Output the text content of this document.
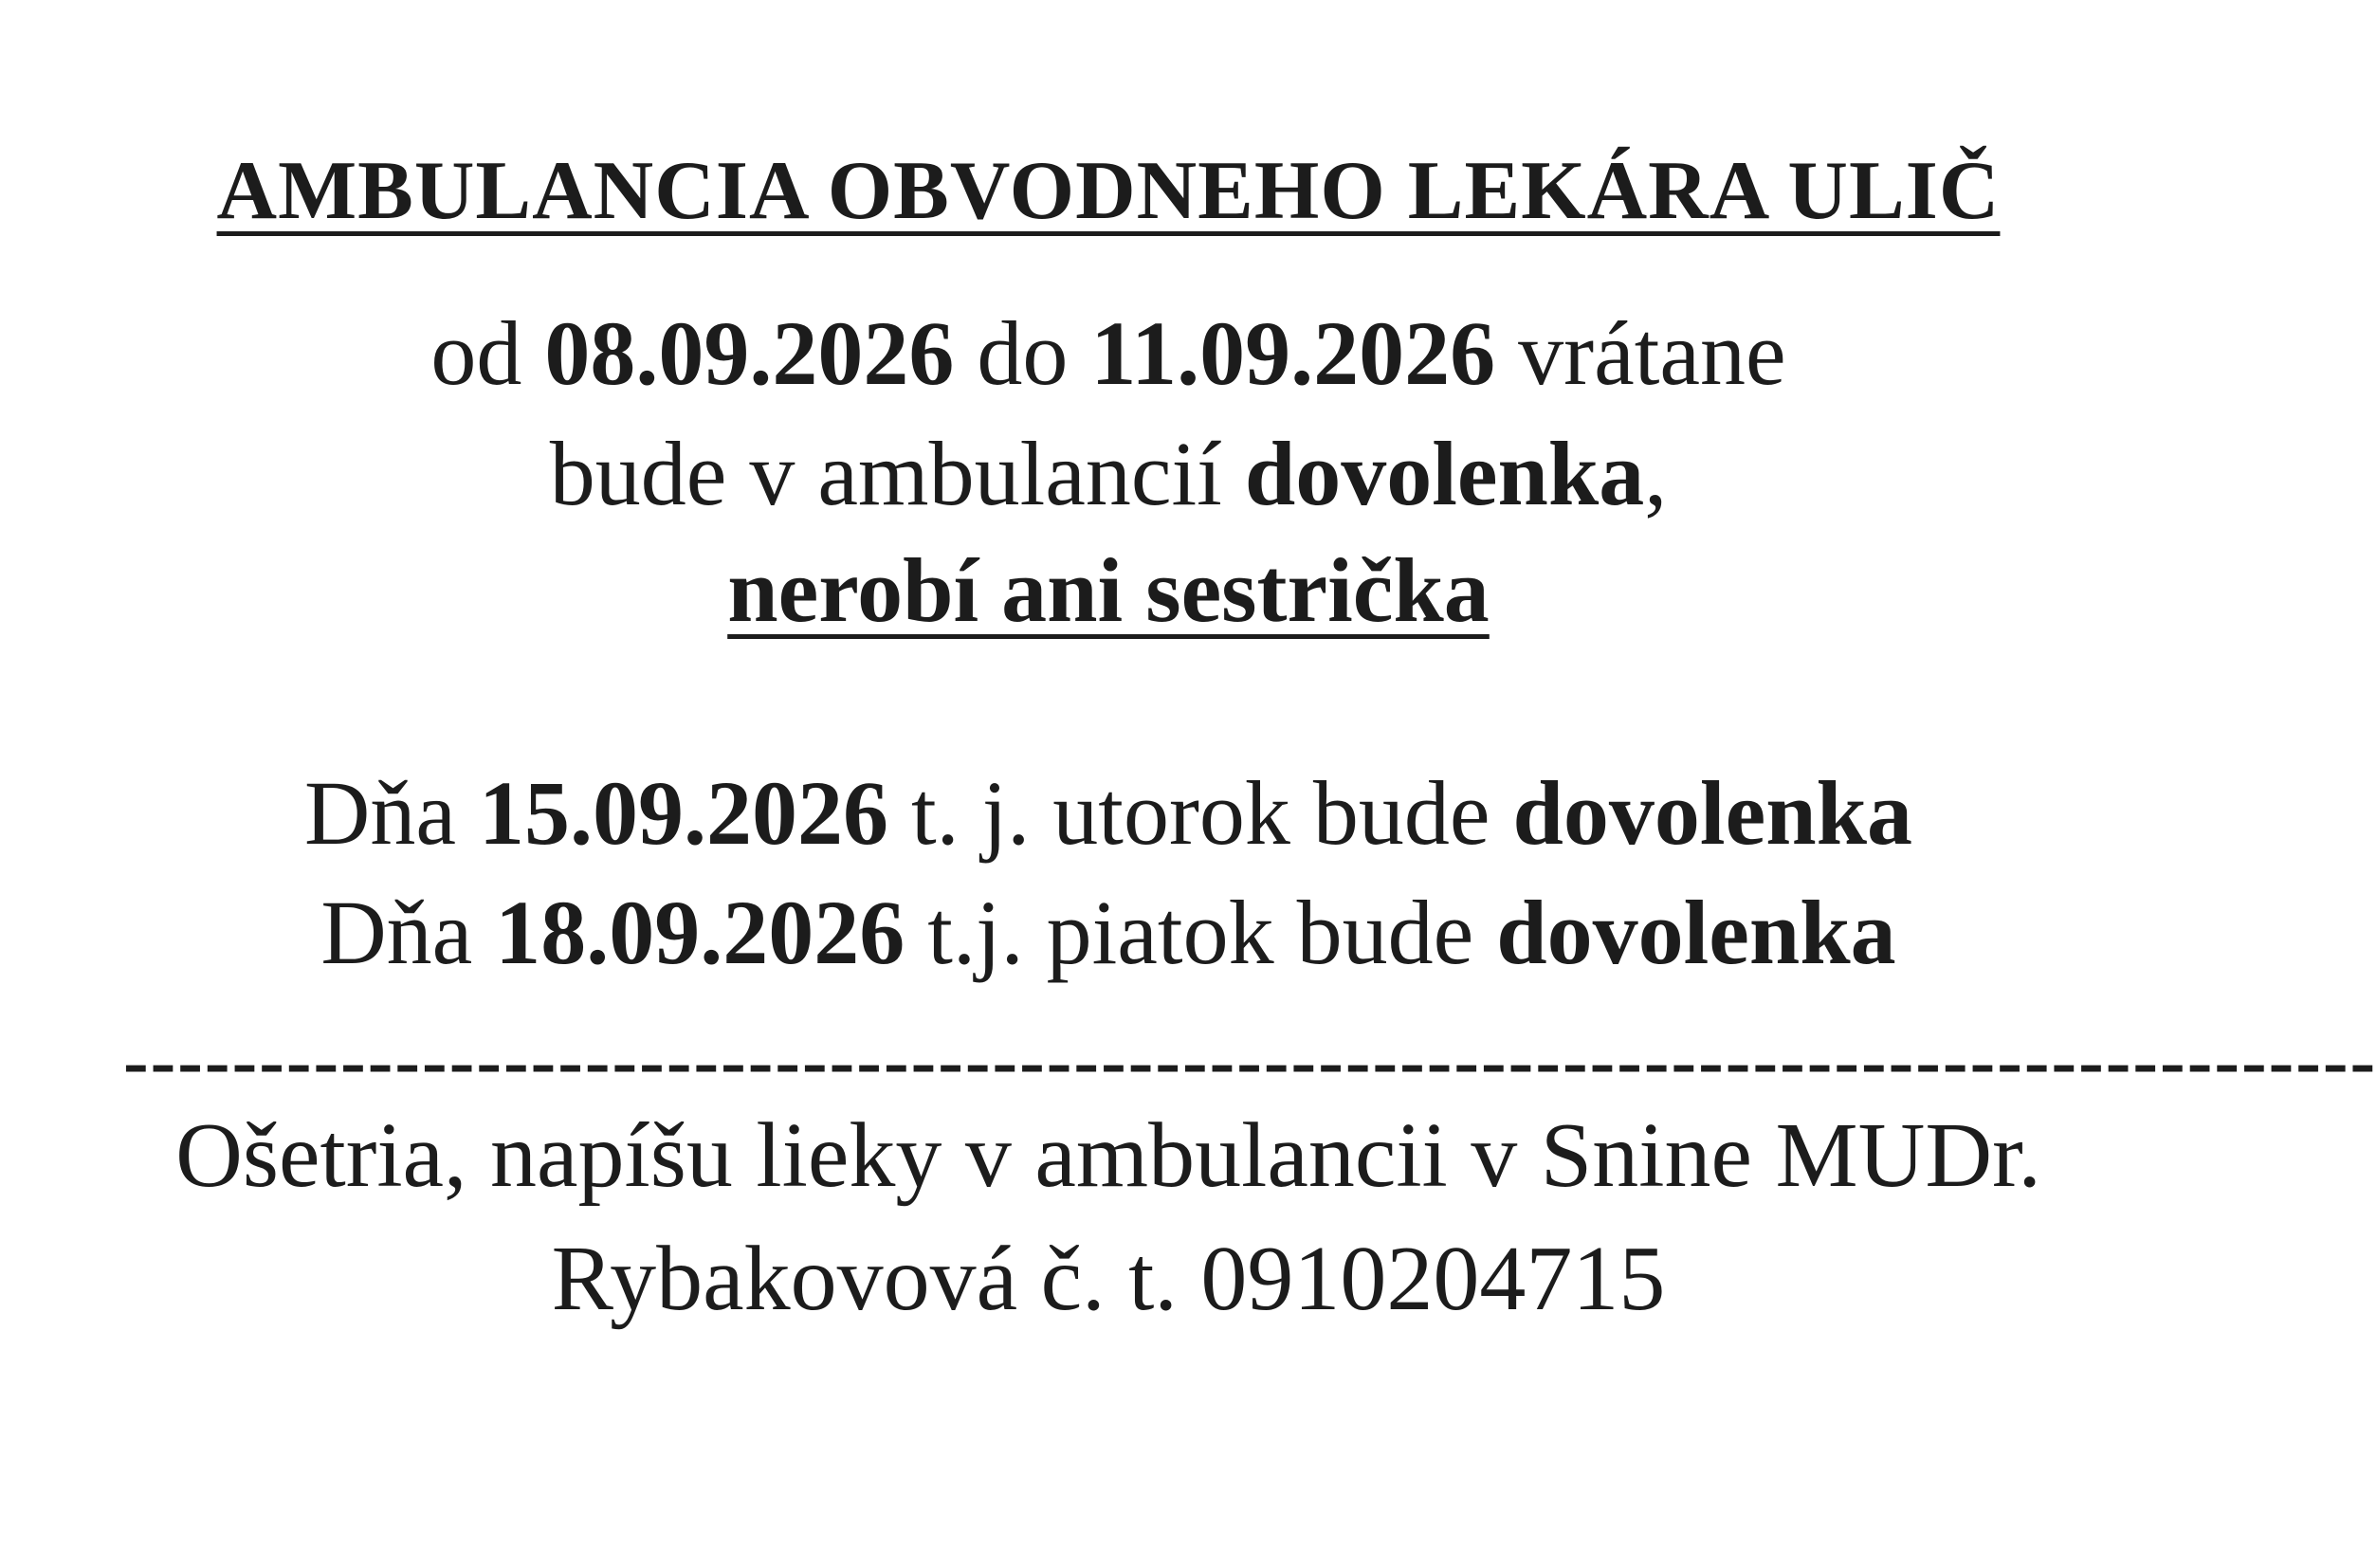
AMBULANCIA OBVODNEHO LEKÁRA ULIČ
od 08.09.2026 do 11.09.2026 vrátane
bude v ambulancií dovolenka,
nerobí ani sestrička
Dňa 15.09.2026 t. j. utorok bude dovolenka
Dňa 18.09.2026 t.j. piatok bude dovolenka
-----------------------------------------------------------------------------------
Ošetria, napíšu lieky v ambulancii v Snine MUDr.
Rybakovová č. t. 0910204715
